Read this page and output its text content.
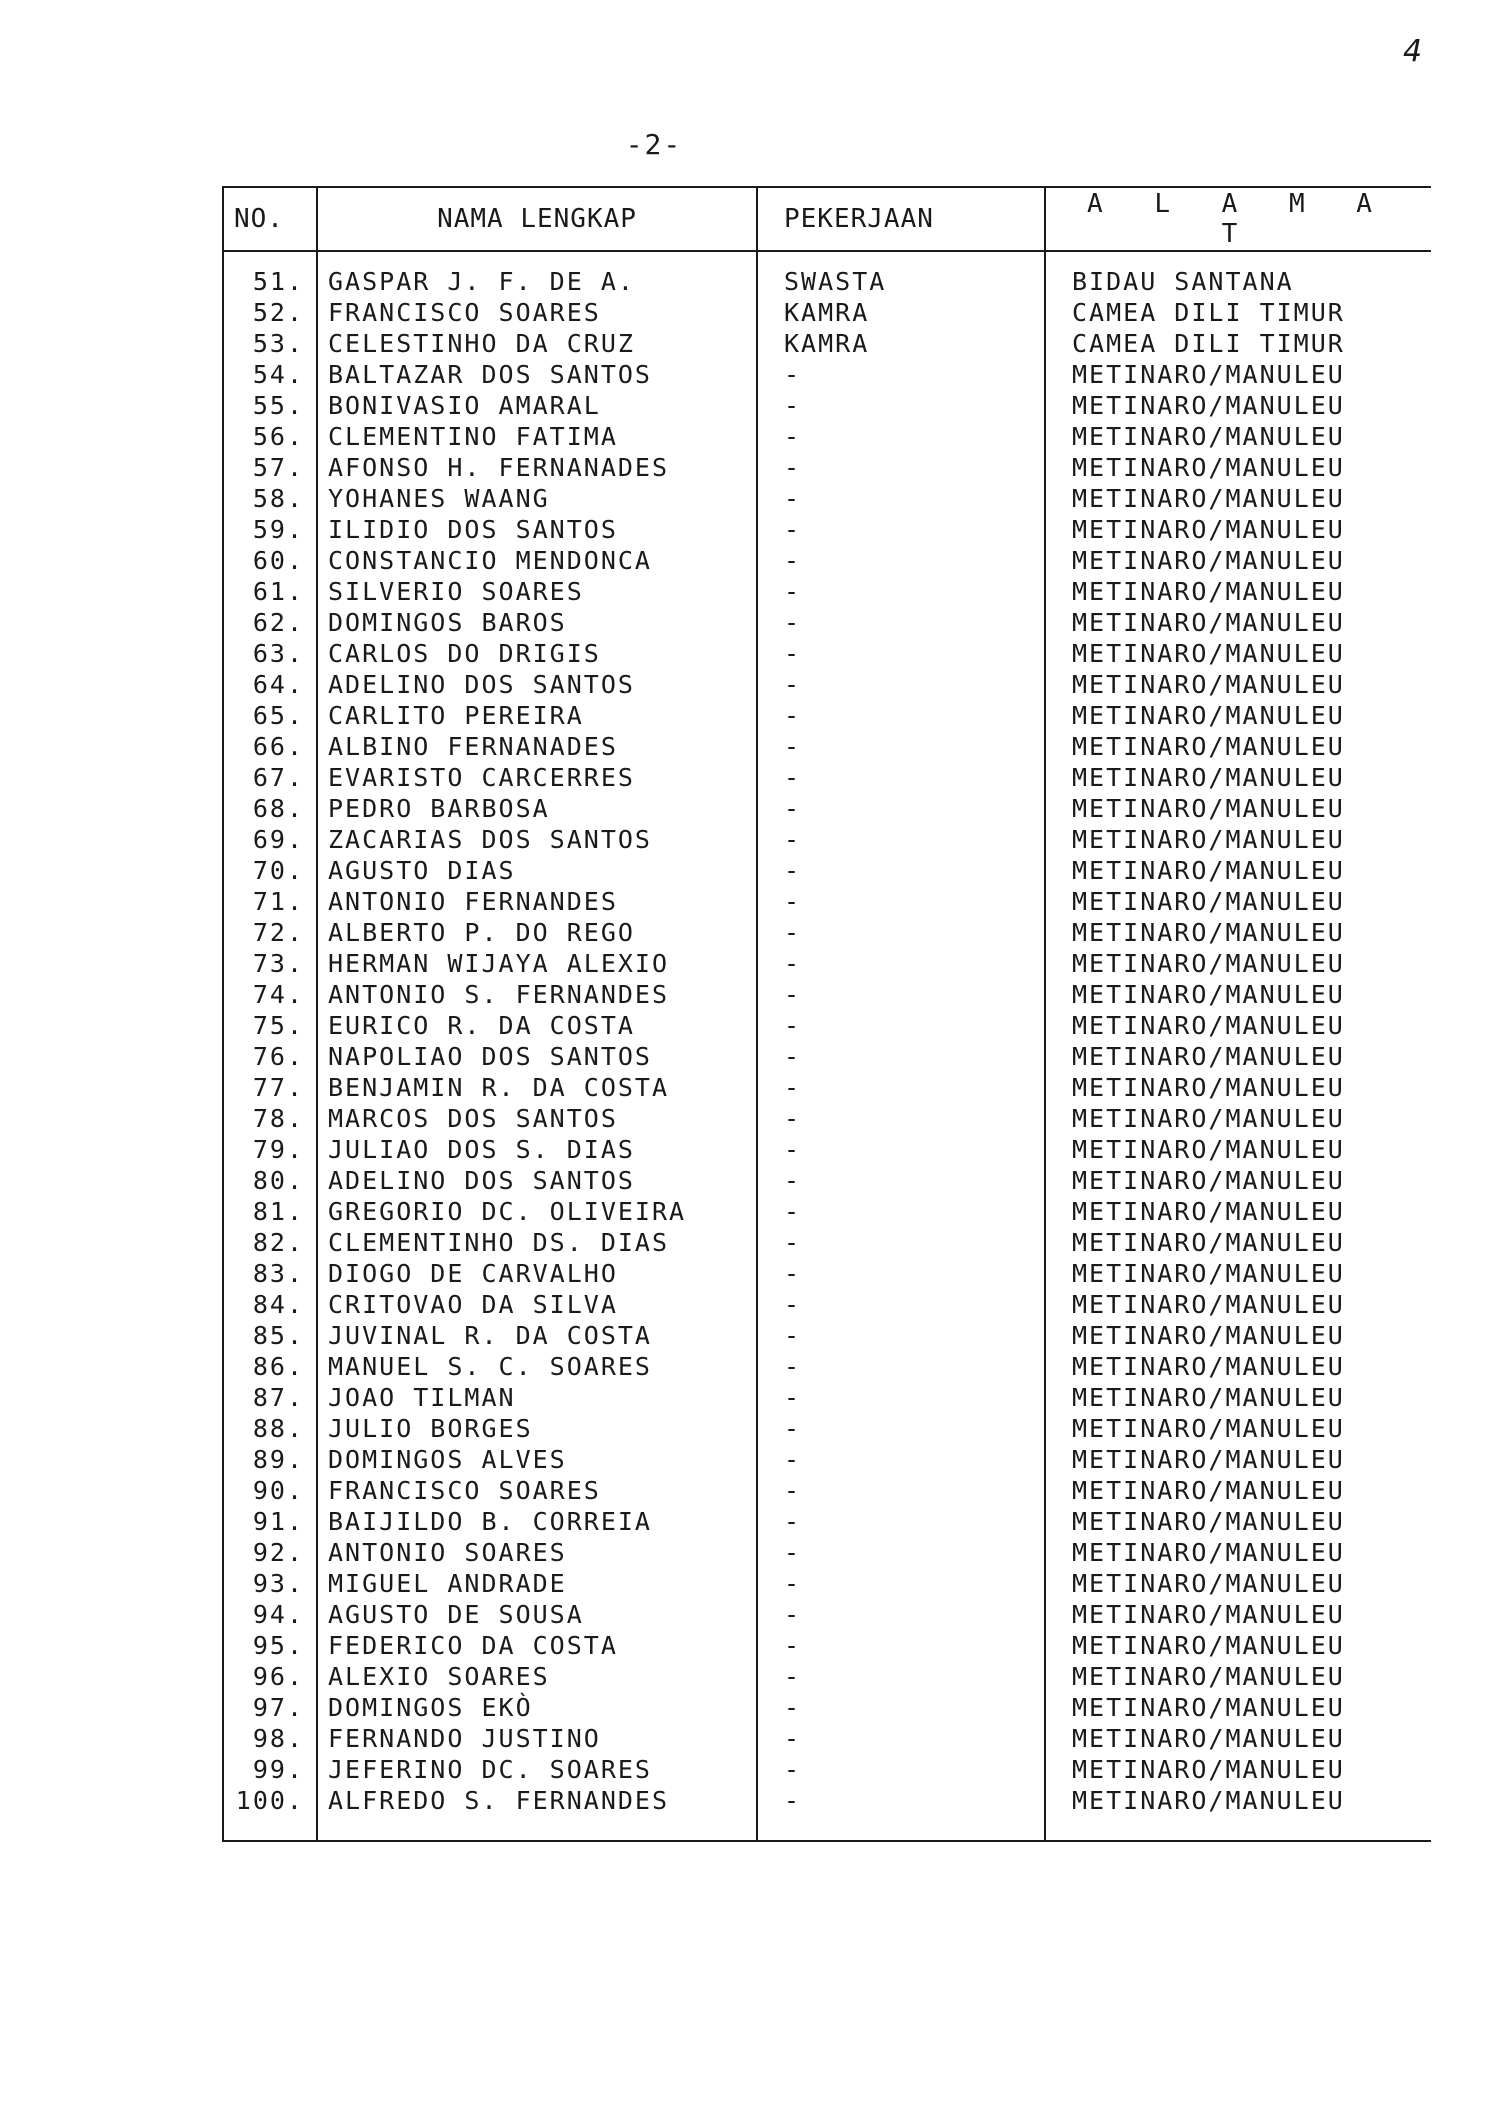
4
-2-
NO.	NAMA LENGKAP	PEKERJAAN	A L A M A T
51.	GASPAR J. F. DE A.	SWASTA	BIDAU SANTANA
52.	FRANCISCO SOARES	KAMRA	CAMEA DILI TIMUR
53.	CELESTINHO DA CRUZ	KAMRA	CAMEA DILI TIMUR
54.	BALTAZAR DOS SANTOS	-	METINARO/MANULEU
55.	BONIVASIO AMARAL	-	METINARO/MANULEU
56.	CLEMENTINO FATIMA	-	METINARO/MANULEU
57.	AFONSO H. FERNANADES	-	METINARO/MANULEU
58.	YOHANES WAANG	-	METINARO/MANULEU
59.	ILIDIO DOS SANTOS	-	METINARO/MANULEU
60.	CONSTANCIO MENDONCA	-	METINARO/MANULEU
61.	SILVERIO SOARES	-	METINARO/MANULEU
62.	DOMINGOS BAROS	-	METINARO/MANULEU
63.	CARLOS DO DRIGIS	-	METINARO/MANULEU
64.	ADELINO DOS SANTOS	-	METINARO/MANULEU
65.	CARLITO PEREIRA	-	METINARO/MANULEU
66.	ALBINO FERNANADES	-	METINARO/MANULEU
67.	EVARISTO CARCERRES	-	METINARO/MANULEU
68.	PEDRO BARBOSA	-	METINARO/MANULEU
69.	ZACARIAS DOS SANTOS	-	METINARO/MANULEU
70.	AGUSTO DIAS	-	METINARO/MANULEU
71.	ANTONIO FERNANDES	-	METINARO/MANULEU
72.	ALBERTO P. DO REGO	-	METINARO/MANULEU
73.	HERMAN WIJAYA ALEXIO	-	METINARO/MANULEU
74.	ANTONIO S. FERNANDES	-	METINARO/MANULEU
75.	EURICO R. DA COSTA	-	METINARO/MANULEU
76.	NAPOLIAO DOS SANTOS	-	METINARO/MANULEU
77.	BENJAMIN R. DA COSTA	-	METINARO/MANULEU
78.	MARCOS DOS SANTOS	-	METINARO/MANULEU
79.	JULIAO DOS S. DIAS	-	METINARO/MANULEU
80.	ADELINO DOS SANTOS	-	METINARO/MANULEU
81.	GREGORIO DC. OLIVEIRA	-	METINARO/MANULEU
82.	CLEMENTINHO DS. DIAS	-	METINARO/MANULEU
83.	DIOGO DE CARVALHO	-	METINARO/MANULEU
84.	CRITOVAO DA SILVA	-	METINARO/MANULEU
85.	JUVINAL R. DA COSTA	-	METINARO/MANULEU
86.	MANUEL S. C. SOARES	-	METINARO/MANULEU
87.	JOAO TILMAN	-	METINARO/MANULEU
88.	JULIO BORGES	-	METINARO/MANULEU
89.	DOMINGOS ALVES	-	METINARO/MANULEU
90.	FRANCISCO SOARES	-	METINARO/MANULEU
91.	BAIJILDO B. CORREIA	-	METINARO/MANULEU
92.	ANTONIO SOARES	-	METINARO/MANULEU
93.	MIGUEL ANDRADE	-	METINARO/MANULEU
94.	AGUSTO DE SOUSA	-	METINARO/MANULEU
95.	FEDERICO DA COSTA	-	METINARO/MANULEU
96.	ALEXIO SOARES	-	METINARO/MANULEU
97.	DOMINGOS EKÒ	-	METINARO/MANULEU
98.	FERNANDO JUSTINO	-	METINARO/MANULEU
99.	JEFERINO DC. SOARES	-	METINARO/MANULEU
100.	ALFREDO S. FERNANDES	-	METINARO/MANULEU
